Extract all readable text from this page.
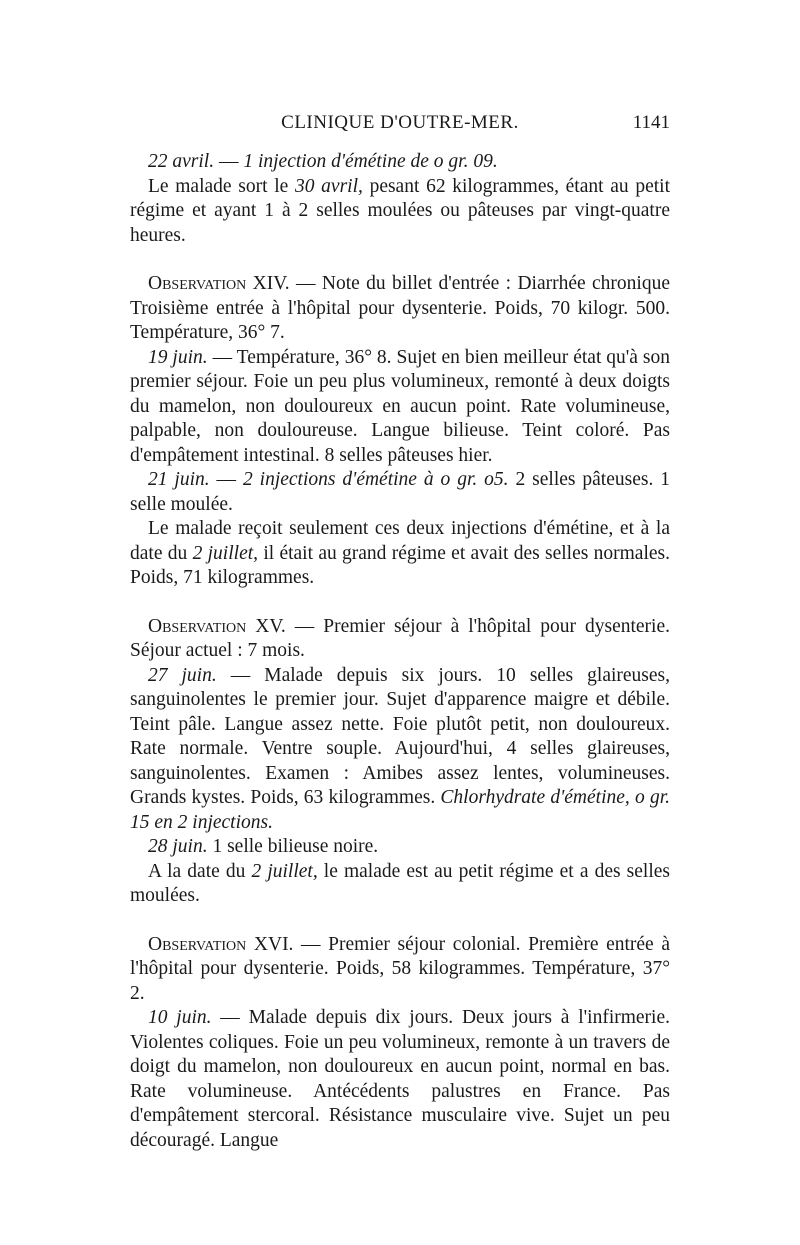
CLINIQUE D'OUTRE-MER.	1141

22 avril. — 1 injection d'émétine de o gr. 09.

Le malade sort le 30 avril, pesant 62 kilogrammes, étant au petit régime et ayant 1 à 2 selles moulées ou pâteuses par vingt-quatre heures.

Observation XIV. — Note du billet d'entrée : Diarrhée chronique Troisième entrée à l'hôpital pour dysenterie. Poids, 70 kilogr. 500. Température, 36° 7.

19 juin. — Température, 36° 8. Sujet en bien meilleur état qu'à son premier séjour. Foie un peu plus volumineux, remonté à deux doigts du mamelon, non douloureux en aucun point. Rate volumineuse, palpable, non douloureuse. Langue bilieuse. Teint coloré. Pas d'empâtement intestinal. 8 selles pâteuses hier.

21 juin. — 2 injections d'émétine à o gr. o5. 2 selles pâteuses. 1 selle moulée.

Le malade reçoit seulement ces deux injections d'émétine, et à la date du 2 juillet, il était au grand régime et avait des selles normales. Poids, 71 kilogrammes.

Observation XV. — Premier séjour à l'hôpital pour dysenterie. Séjour actuel : 7 mois.

27 juin. — Malade depuis six jours. 10 selles glaireuses, sanguinolentes le premier jour. Sujet d'apparence maigre et débile. Teint pâle. Langue assez nette. Foie plutôt petit, non douloureux. Rate normale. Ventre souple. Aujourd'hui, 4 selles glaireuses, sanguinolentes. Examen : Amibes assez lentes, volumineuses. Grands kystes. Poids, 63 kilogrammes. Chlorhydrate d'émétine, o gr. 15 en 2 injections.

28 juin. 1 selle bilieuse noire.

A la date du 2 juillet, le malade est au petit régime et a des selles moulées.

Observation XVI. — Premier séjour colonial. Première entrée à l'hôpital pour dysenterie. Poids, 58 kilogrammes. Température, 37° 2.

10 juin. — Malade depuis dix jours. Deux jours à l'infirmerie. Violentes coliques. Foie un peu volumineux, remonte à un travers de doigt du mamelon, non douloureux en aucun point, normal en bas. Rate volumineuse. Antécédents palustres en France. Pas d'empâtement stercoral. Résistance musculaire vive. Sujet un peu découragé. Langue
